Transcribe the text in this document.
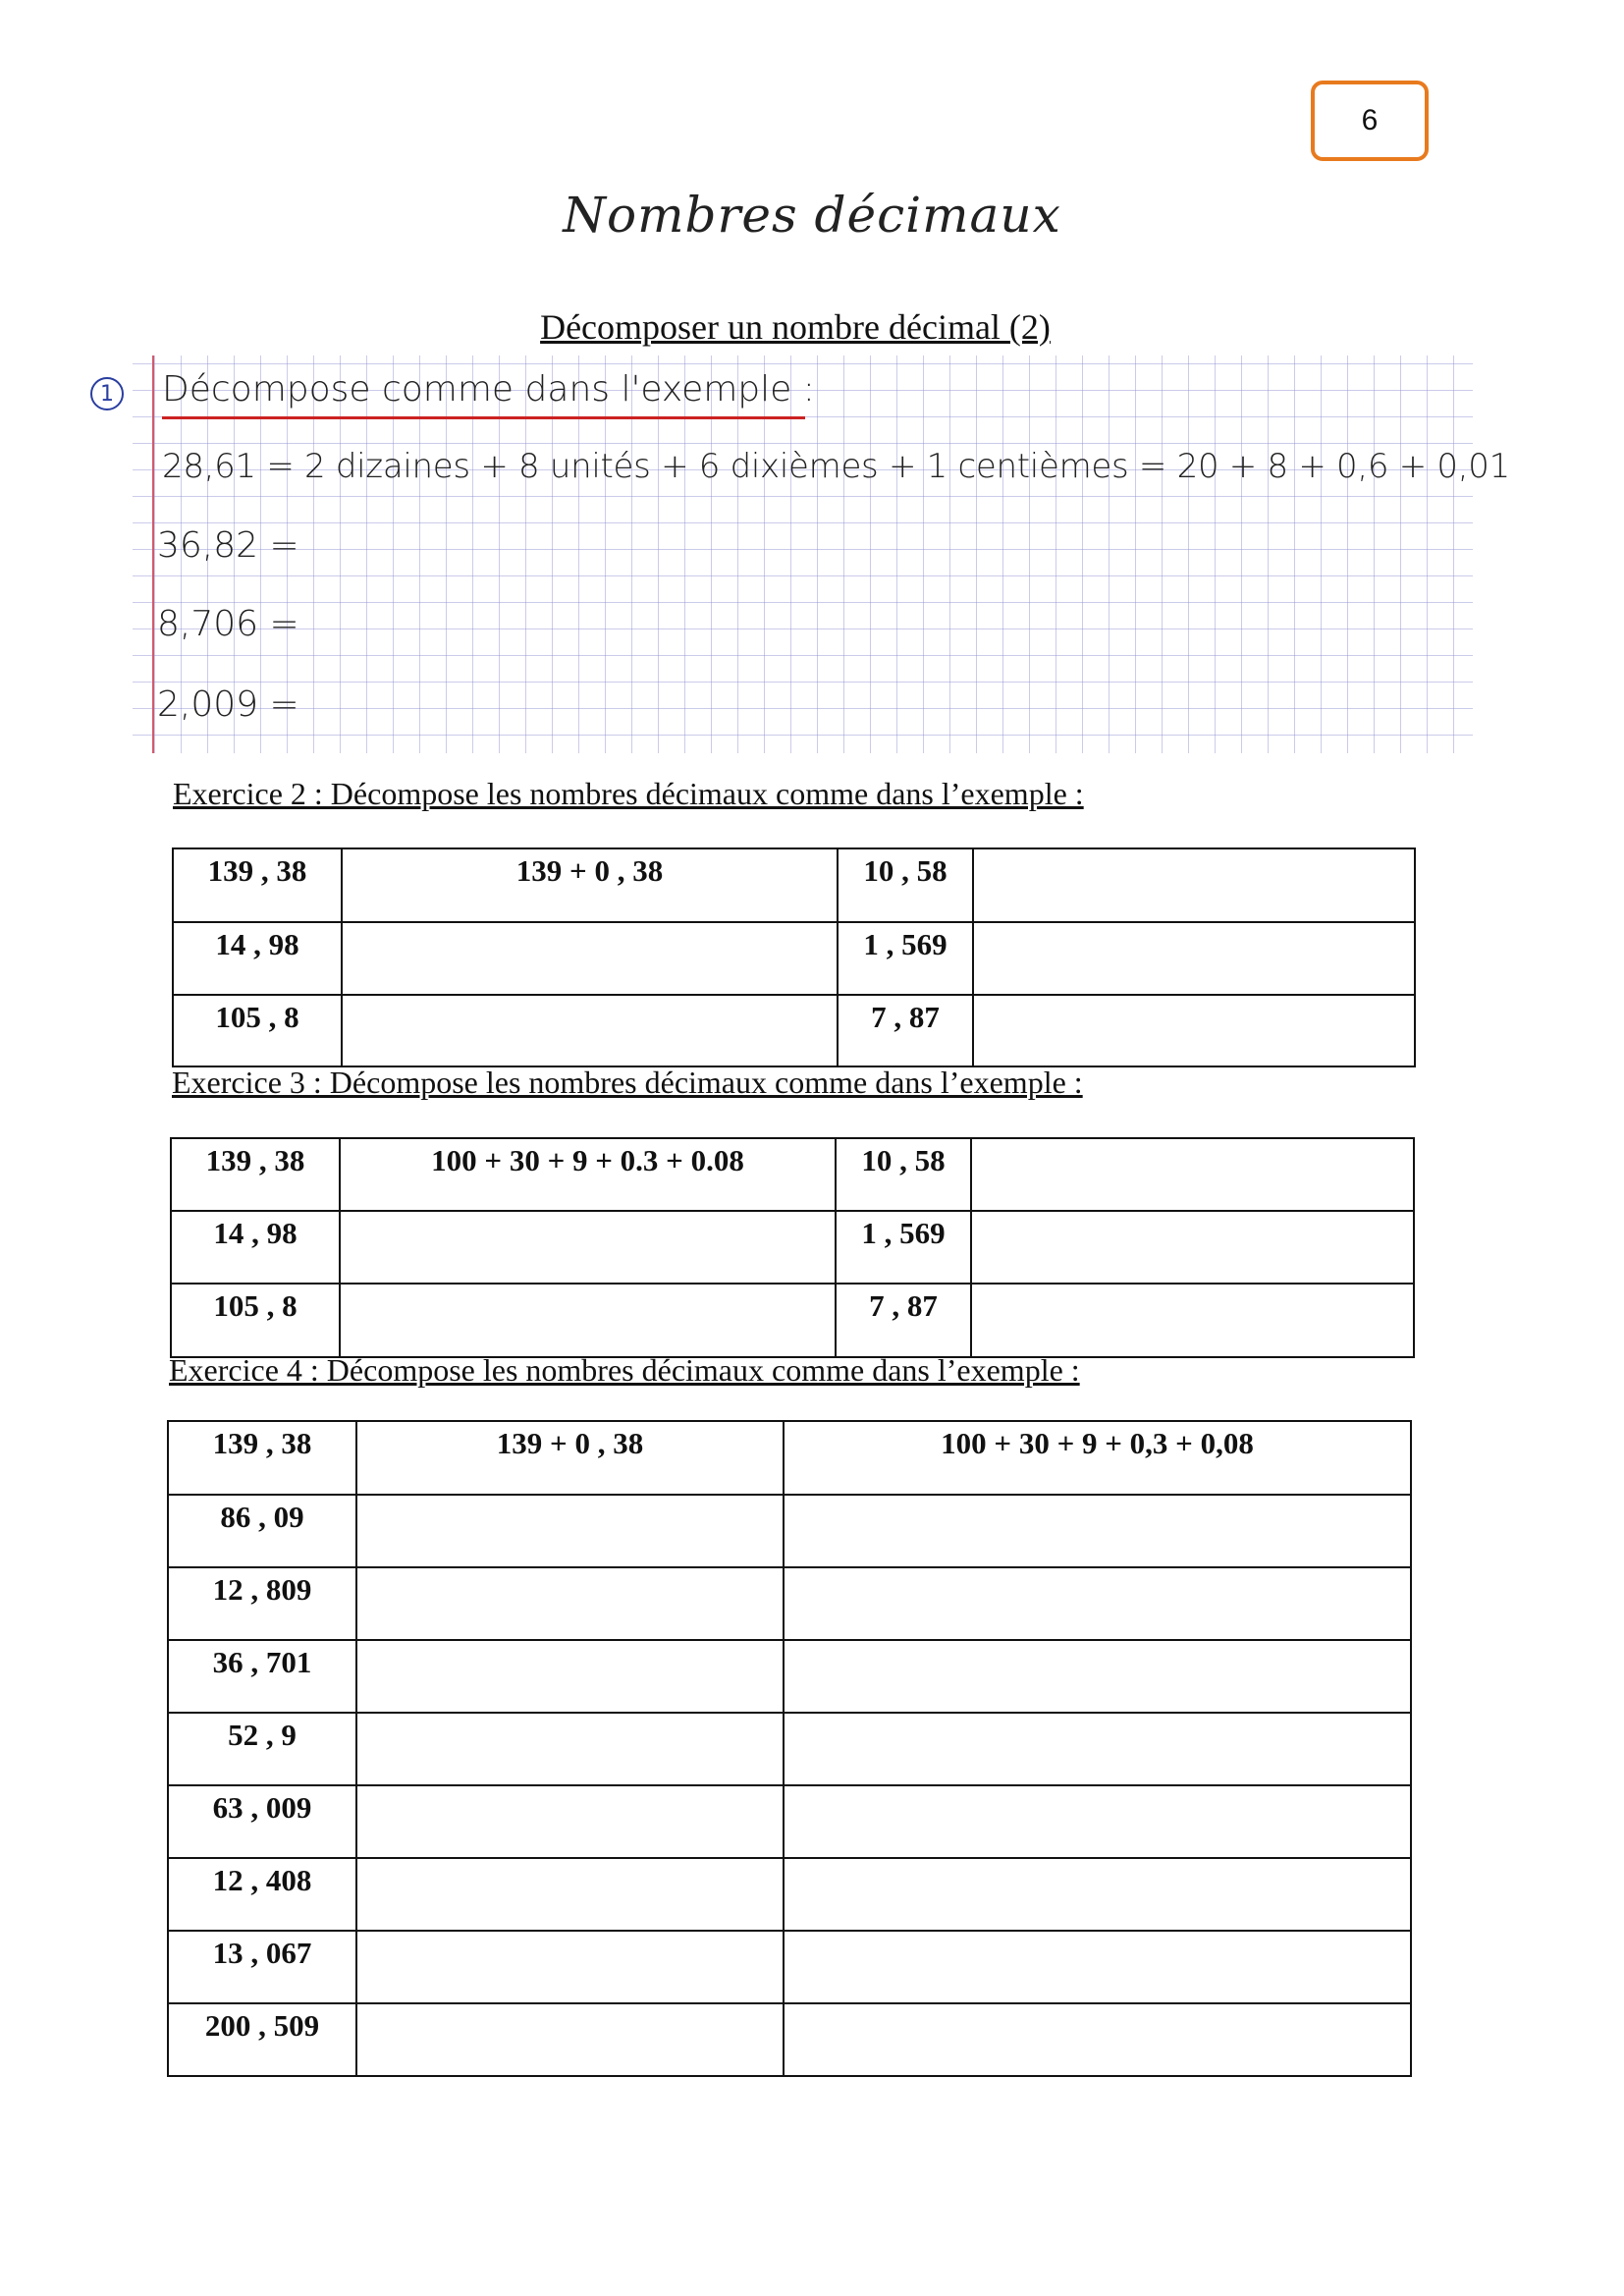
6
Nombres décimaux
Décomposer un nombre décimal (2)
1 Décompose comme dans l'exemple :
28,61 = 2 dizaines + 8 unités + 6 dixièmes + 1 centièmes = 20 + 8 + 0,6 + 0,01
36,82 =
8,706 =
2,009 =
Exercice 2 : Décompose les nombres décimaux comme dans l’exemple :
139 , 38	139 + 0 , 38	10 , 58	
14 , 98		1 , 569	
105 , 8		7 , 87	
Exercice 3 : Décompose les nombres décimaux comme dans l’exemple :
139 , 38	100 + 30 + 9 + 0.3 + 0.08	10 , 58	
14 , 98		1 , 569	
105 , 8		7 , 87	
Exercice 4 : Décompose les nombres décimaux comme dans l’exemple :
139 , 38	139 + 0 , 38	100 + 30 + 9 + 0,3 + 0,08
86 , 09		
12 , 809		
36 , 701		
52 , 9		
63 , 009		
12 , 408		
13 , 067		
200 , 509		
